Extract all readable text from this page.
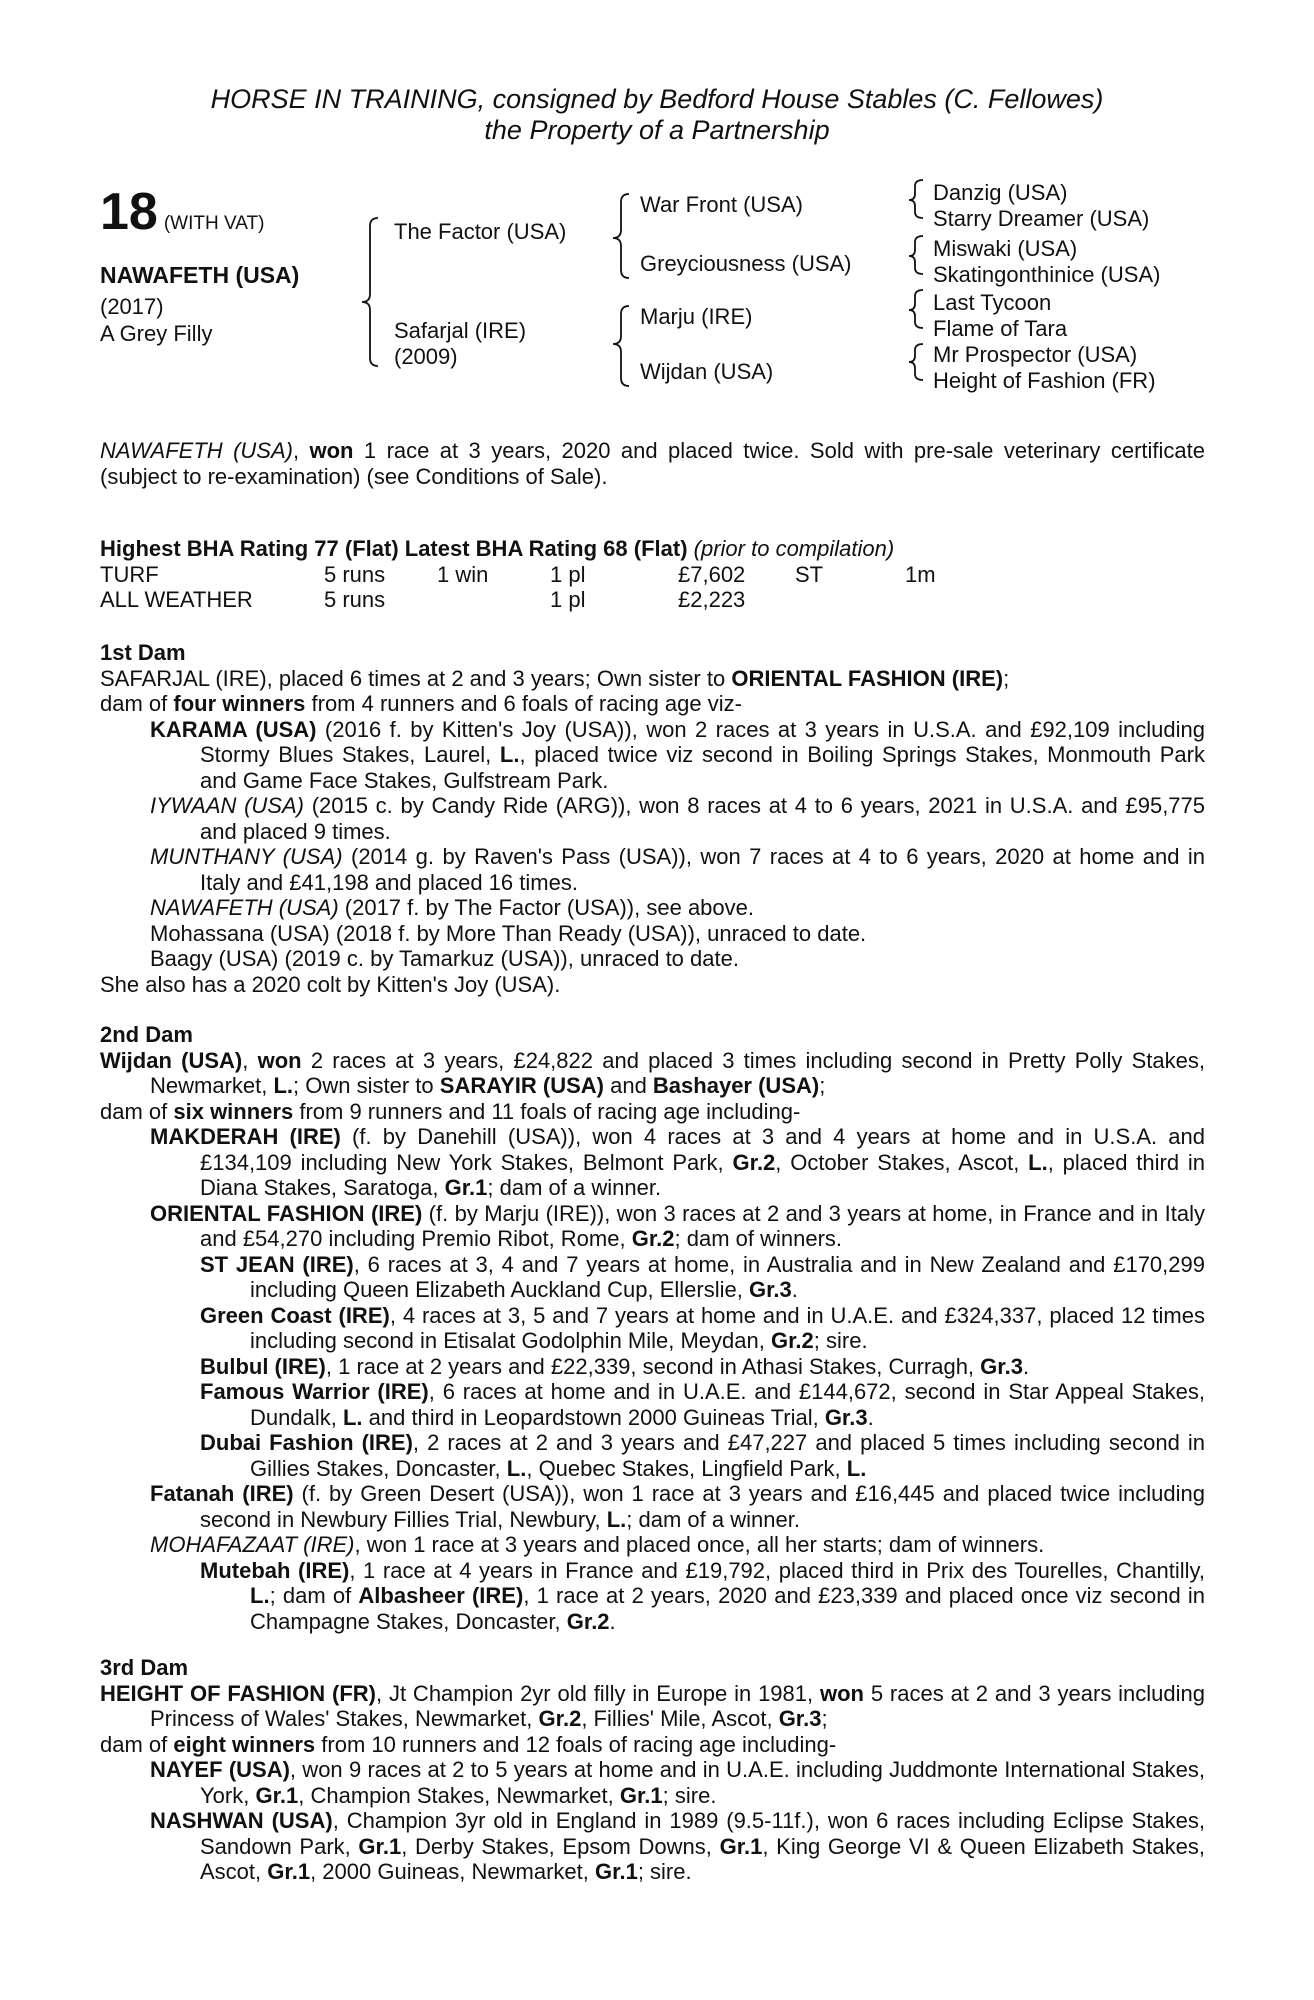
HORSE IN TRAINING, consigned by Bedford House Stables (C. Fellowes)
the Property of a Partnership
18 (WITH VAT)
NAWAFETH (USA)
(2017)
A Grey Filly
The Factor (USA)
Safarjal (IRE)
(2009)
War Front (USA)
Greyciousness (USA)
Marju (IRE)
Wijdan (USA)
Danzig (USA)
Starry Dreamer (USA)
Miswaki (USA)
Skatingonthinice (USA)
Last Tycoon
Flame of Tara
Mr Prospector (USA)
Height of Fashion (FR)

NAWAFETH (USA), won 1 race at 3 years, 2020 and placed twice. Sold with pre-sale veterinary certificate (subject to re-examination) (see Conditions of Sale).

Highest BHA Rating 77 (Flat) Latest BHA Rating 68 (Flat) (prior to compilation)

TURF	5 runs	1 win	1 pl	£7,602	ST	1m
ALL WEATHER	5 runs		1 pl	£2,223		

1st Dam

SAFARJAL (IRE), placed 6 times at 2 and 3 years; Own sister to ORIENTAL FASHION (IRE);

dam of four winners from 4 runners and 6 foals of racing age viz-

KARAMA (USA) (2016 f. by Kitten's Joy (USA)), won 2 races at 3 years in U.S.A. and £92,109 including Stormy Blues Stakes, Laurel, L., placed twice viz second in Boiling Springs Stakes, Monmouth Park and Game Face Stakes, Gulfstream Park.

IYWAAN (USA) (2015 c. by Candy Ride (ARG)), won 8 races at 4 to 6 years, 2021 in U.S.A. and £95,775 and placed 9 times.

MUNTHANY (USA) (2014 g. by Raven's Pass (USA)), won 7 races at 4 to 6 years, 2020 at home and in Italy and £41,198 and placed 16 times.

NAWAFETH (USA) (2017 f. by The Factor (USA)), see above.

Mohassana (USA) (2018 f. by More Than Ready (USA)), unraced to date.

Baagy (USA) (2019 c. by Tamarkuz (USA)), unraced to date.

She also has a 2020 colt by Kitten's Joy (USA).

2nd Dam

Wijdan (USA), won 2 races at 3 years, £24,822 and placed 3 times including second in Pretty Polly Stakes, Newmarket, L.; Own sister to SARAYIR (USA) and Bashayer (USA);

dam of six winners from 9 runners and 11 foals of racing age including-

MAKDERAH (IRE) (f. by Danehill (USA)), won 4 races at 3 and 4 years at home and in U.S.A. and £134,109 including New York Stakes, Belmont Park, Gr.2, October Stakes, Ascot, L., placed third in Diana Stakes, Saratoga, Gr.1; dam of a winner.

ORIENTAL FASHION (IRE) (f. by Marju (IRE)), won 3 races at 2 and 3 years at home, in France and in Italy and £54,270 including Premio Ribot, Rome, Gr.2; dam of winners.

ST JEAN (IRE), 6 races at 3, 4 and 7 years at home, in Australia and in New Zealand and £170,299 including Queen Elizabeth Auckland Cup, Ellerslie, Gr.3.

Green Coast (IRE), 4 races at 3, 5 and 7 years at home and in U.A.E. and £324,337, placed 12 times including second in Etisalat Godolphin Mile, Meydan, Gr.2; sire.

Bulbul (IRE), 1 race at 2 years and £22,339, second in Athasi Stakes, Curragh, Gr.3.

Famous Warrior (IRE), 6 races at home and in U.A.E. and £144,672, second in Star Appeal Stakes, Dundalk, L. and third in Leopardstown 2000 Guineas Trial, Gr.3.

Dubai Fashion (IRE), 2 races at 2 and 3 years and £47,227 and placed 5 times including second in Gillies Stakes, Doncaster, L., Quebec Stakes, Lingfield Park, L.

Fatanah (IRE) (f. by Green Desert (USA)), won 1 race at 3 years and £16,445 and placed twice including second in Newbury Fillies Trial, Newbury, L.; dam of a winner.

MOHAFAZAAT (IRE), won 1 race at 3 years and placed once, all her starts; dam of winners.

Mutebah (IRE), 1 race at 4 years in France and £19,792, placed third in Prix des Tourelles, Chantilly, L.; dam of Albasheer (IRE), 1 race at 2 years, 2020 and £23,339 and placed once viz second in Champagne Stakes, Doncaster, Gr.2.

3rd Dam

HEIGHT OF FASHION (FR), Jt Champion 2yr old filly in Europe in 1981, won 5 races at 2 and 3 years including Princess of Wales' Stakes, Newmarket, Gr.2, Fillies' Mile, Ascot, Gr.3;

dam of eight winners from 10 runners and 12 foals of racing age including-

NAYEF (USA), won 9 races at 2 to 5 years at home and in U.A.E. including Juddmonte International Stakes, York, Gr.1, Champion Stakes, Newmarket, Gr.1; sire.

NASHWAN (USA), Champion 3yr old in England in 1989 (9.5-11f.), won 6 races including Eclipse Stakes, Sandown Park, Gr.1, Derby Stakes, Epsom Downs, Gr.1, King George VI & Queen Elizabeth Stakes, Ascot, Gr.1, 2000 Guineas, Newmarket, Gr.1; sire.
